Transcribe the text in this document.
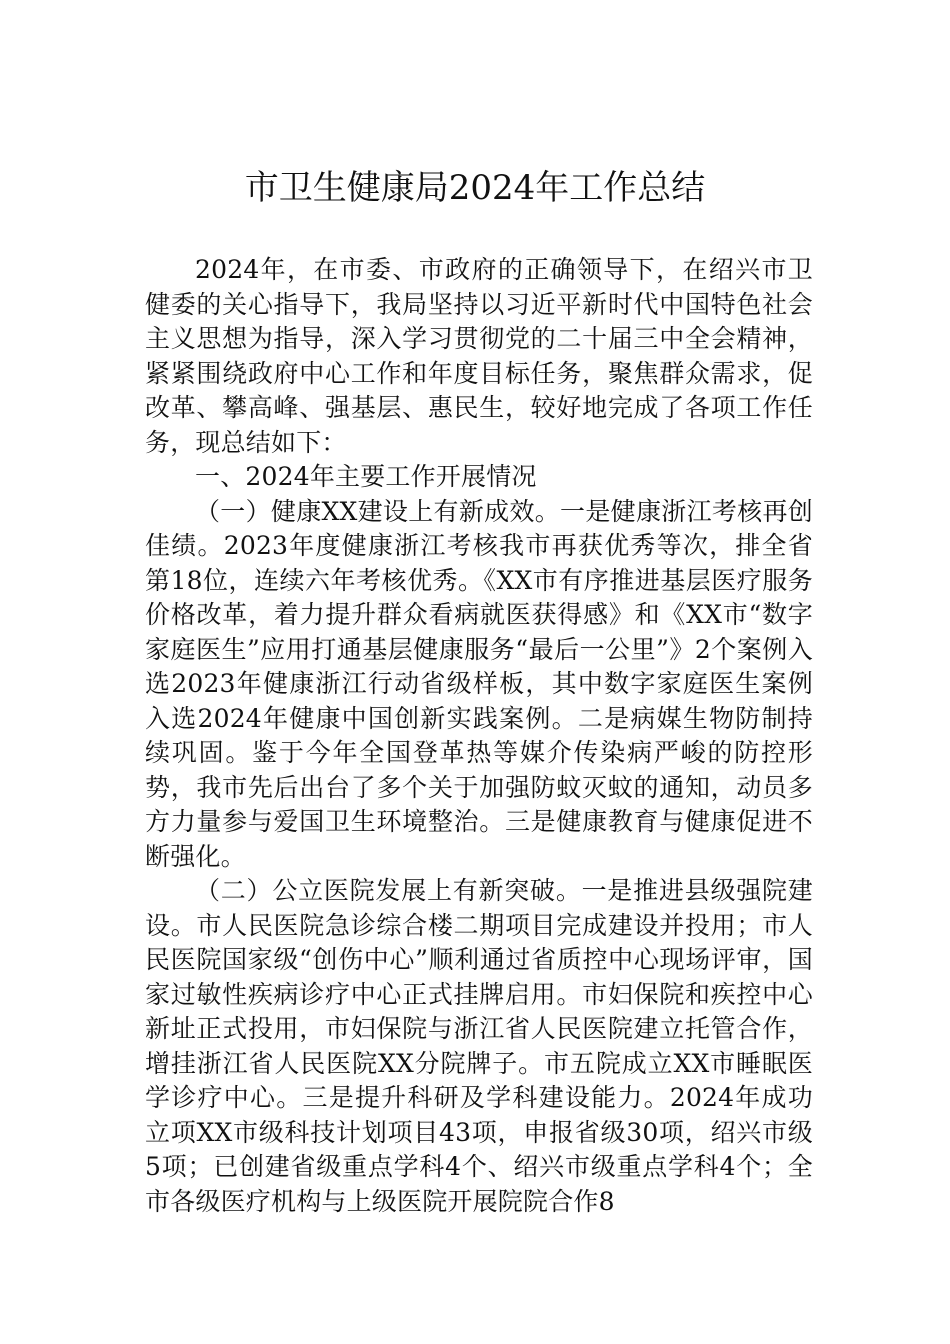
市卫生健康局2024年工作总结

2024年，在市委、市政府的正确领导下，在绍兴市卫健委的关心指导下，我局坚持以习近平新时代中国特色社会主义思想为指导，深入学习贯彻党的二十届三中全会精神，紧紧围绕政府中心工作和年度目标任务，聚焦群众需求，促改革、攀高峰、强基层、惠民生，较好地完成了各项工作任务，现总结如下：

一、2024年主要工作开展情况

（一）健康XX建设上有新成效。一是健康浙江考核再创佳绩。2023年度健康浙江考核我市再获优秀等次，排全省第18位，连续六年考核优秀。《XX市有序推进基层医疗服务价格改革，着力提升群众看病就医获得感》和《XX市“数字家庭医生”应用打通基层健康服务“最后一公里”》2个案例入选2023年健康浙江行动省级样板，其中数字家庭医生案例入选2024年健康中国创新实践案例。二是病媒生物防制持续巩固。鉴于今年全国登革热等媒介传染病严峻的防控形势，我市先后出台了多个关于加强防蚊灭蚊的通知，动员多方力量参与爱国卫生环境整治。三是健康教育与健康促进不断强化。

（二）公立医院发展上有新突破。一是推进县级强院建设。市人民医院急诊综合楼二期项目完成建设并投用；市人民医院国家级“创伤中心”顺利通过省质控中心现场评审，国家过敏性疾病诊疗中心正式挂牌启用。市妇保院和疾控中心新址正式投用，市妇保院与浙江省人民医院建立托管合作，增挂浙江省人民医院XX分院牌子。市五院成立XX市睡眠医学诊疗中心。三是提升科研及学科建设能力。2024年成功立项XX市级科技计划项目43项，申报省级30项，绍兴市级5项；已创建省级重点学科4个、绍兴市级重点学科4个；全市各级医疗机构与上级医院开展院院合作8
